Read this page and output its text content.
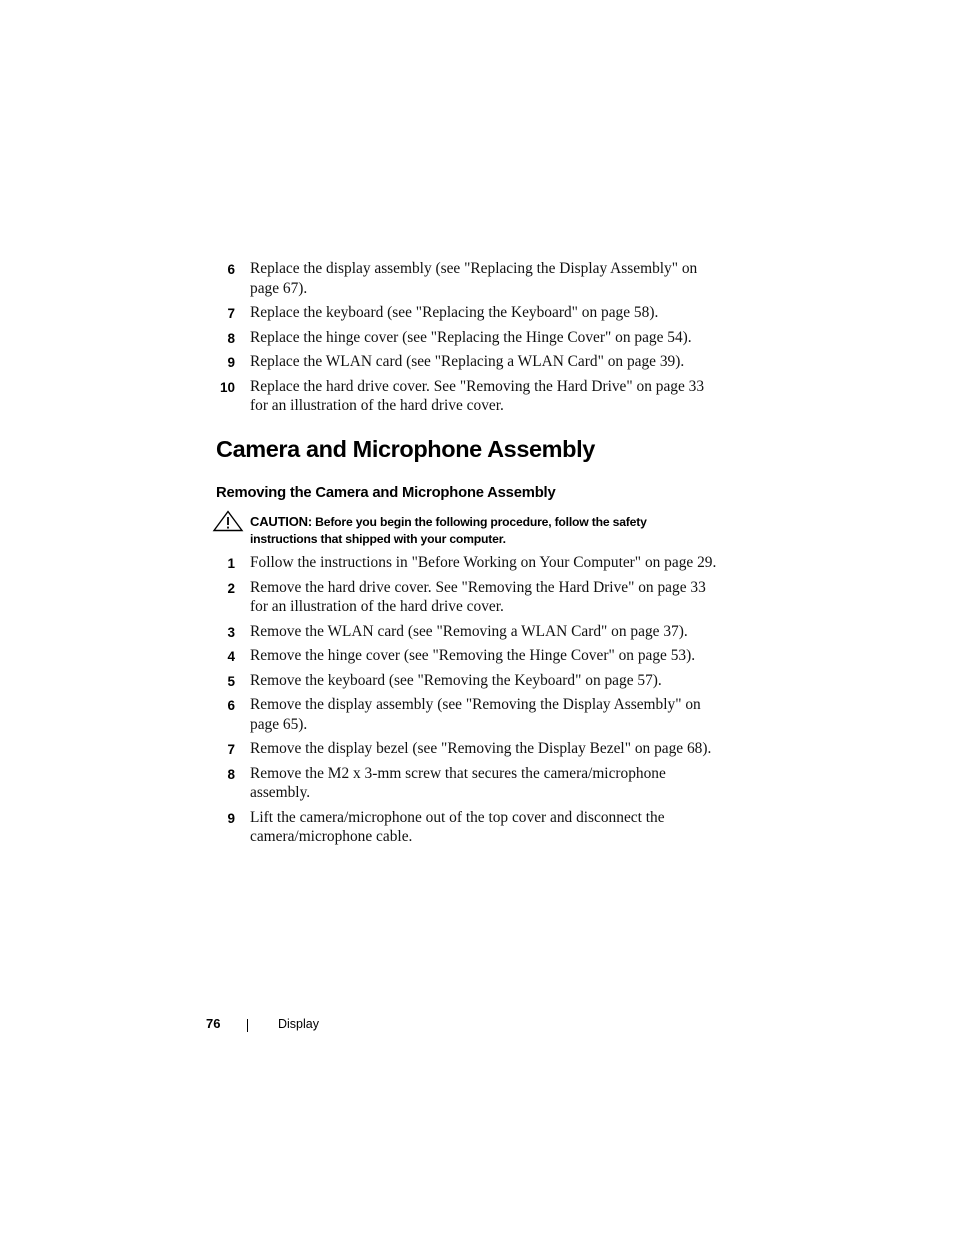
6 Replace the display assembly (see "Replacing the Display Assembly" on page 67).
7 Replace the keyboard (see "Replacing the Keyboard" on page 58).
8 Replace the hinge cover (see "Replacing the Hinge Cover" on page 54).
9 Replace the WLAN card (see "Replacing a WLAN Card" on page 39).
10 Replace the hard drive cover. See "Removing the Hard Drive" on page 33 for an illustration of the hard drive cover.
Camera and Microphone Assembly
Removing the Camera and Microphone Assembly
CAUTION: Before you begin the following procedure, follow the safety instructions that shipped with your computer.
1 Follow the instructions in "Before Working on Your Computer" on page 29.
2 Remove the hard drive cover. See "Removing the Hard Drive" on page 33 for an illustration of the hard drive cover.
3 Remove the WLAN card (see "Removing a WLAN Card" on page 37).
4 Remove the hinge cover (see "Removing the Hinge Cover" on page 53).
5 Remove the keyboard (see "Removing the Keyboard" on page 57).
6 Remove the display assembly (see "Removing the Display Assembly" on page 65).
7 Remove the display bezel (see "Removing the Display Bezel" on page 68).
8 Remove the M2 x 3-mm screw that secures the camera/microphone assembly.
9 Lift the camera/microphone out of the top cover and disconnect the camera/microphone cable.
76	Display
